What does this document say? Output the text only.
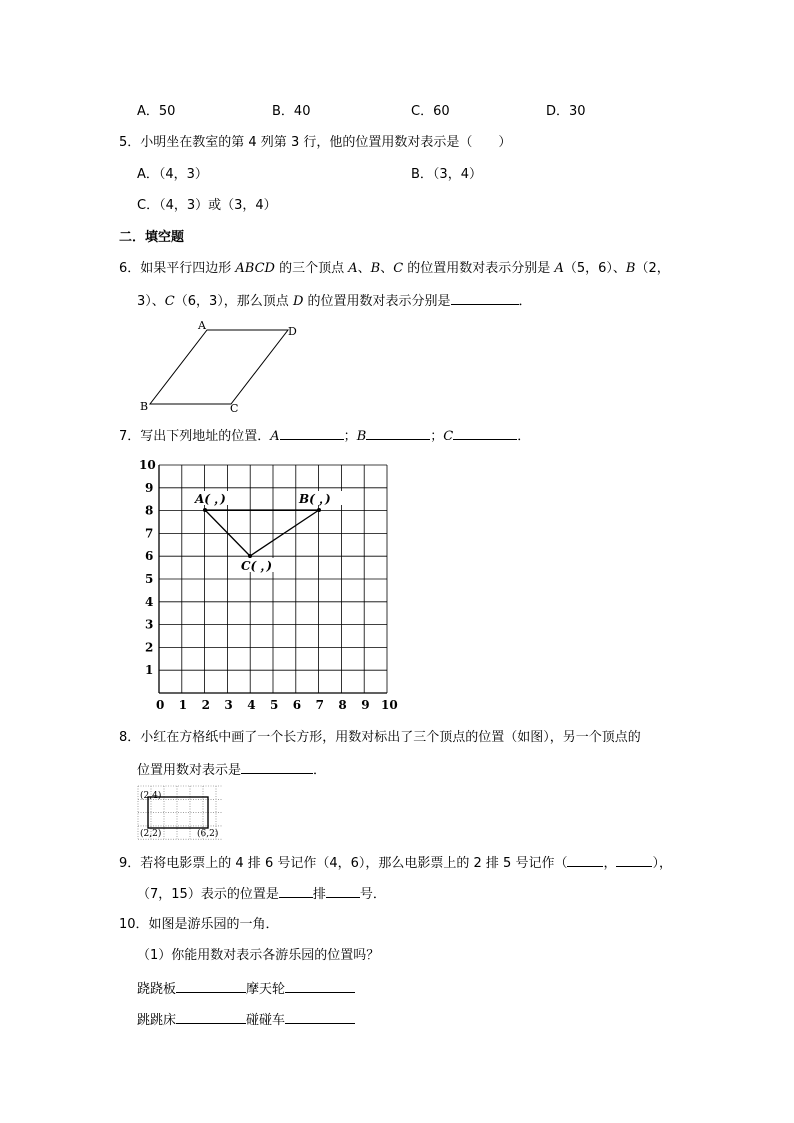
A．50	B．40	C．60	D．30
5．小明坐在教室的第 4 列第 3 行，他的位置用数对表示是（　　）
A．（4，3）	B．（3，4）
C．（4，3）或（3，4）
二．填空题
6．如果平行四边形 ABCD 的三个顶点 A、B、C 的位置用数对表示分别是 A（5，6）、B（2，
3）、C（6，3），那么顶点 D 的位置用数对表示分别是	．
A	D
B	C
7．写出下列地址的位置．A	；B	；C	．
0 1 2 3 4 5 6 7 8 9 10
1
2
3
4
5
6
7
8
9
10
A( ，)	B( ，)
C( ，)
8．小红在方格纸中画了一个长方形，用数对标出了三个顶点的位置（如图），另一个顶点的
位置用数对表示是	．
(2,4)
(2,2)	(6,2)
9．若将电影票上的 4 排 6 号记作（4，6），那么电影票上的 2 排 5 号记作（	，	），
（7，15）表示的位置是	排	号．
10．如图是游乐园的一角．
（1）你能用数对表示各游乐园的位置吗？
跷跷板	摩天轮
跳跳床	碰碰车
